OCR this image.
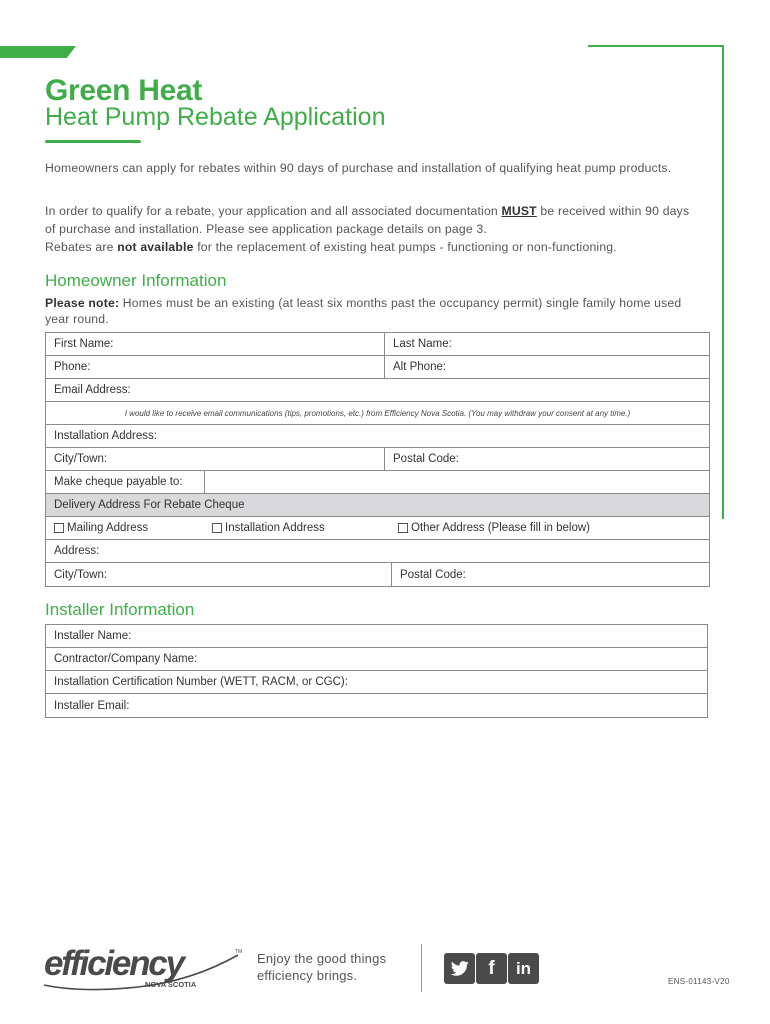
Green Heat
Heat Pump Rebate Application

Homeowners can apply for rebates within 90 days of purchase and installation of qualifying heat pump products.

In order to qualify for a rebate, your application and all associated documentation MUST be received within 90 days of purchase and installation. Please see application package details on page 3.
Rebates are not available for the replacement of existing heat pumps - functioning or non-functioning.

Homeowner Information

Please note: Homes must be an existing (at least six months past the occupancy permit) single family home used year round.

First Name:	Last Name:
Phone:	Alt Phone:
Email Address:
I would like to receive email communications (tips, promotions, etc.) from Efficiency Nova Scotia. (You may withdraw your consent at any time.)
Installation Address:
City/Town:	Postal Code:
Make cheque payable to:
Delivery Address For Rebate Cheque
Mailing Address	Installation Address	Other Address (Please fill in below)
Address:
City/Town:	Postal Code:
Installer Information
Installer Name:
Contractor/Company Name:
Installation Certification Number (WETT, RACM, or CGC):
Installer Email:
efficiency	TM
NOVA SCOTIA

Enjoy the good things efficiency brings.	f	in
ENS-01143-V20
